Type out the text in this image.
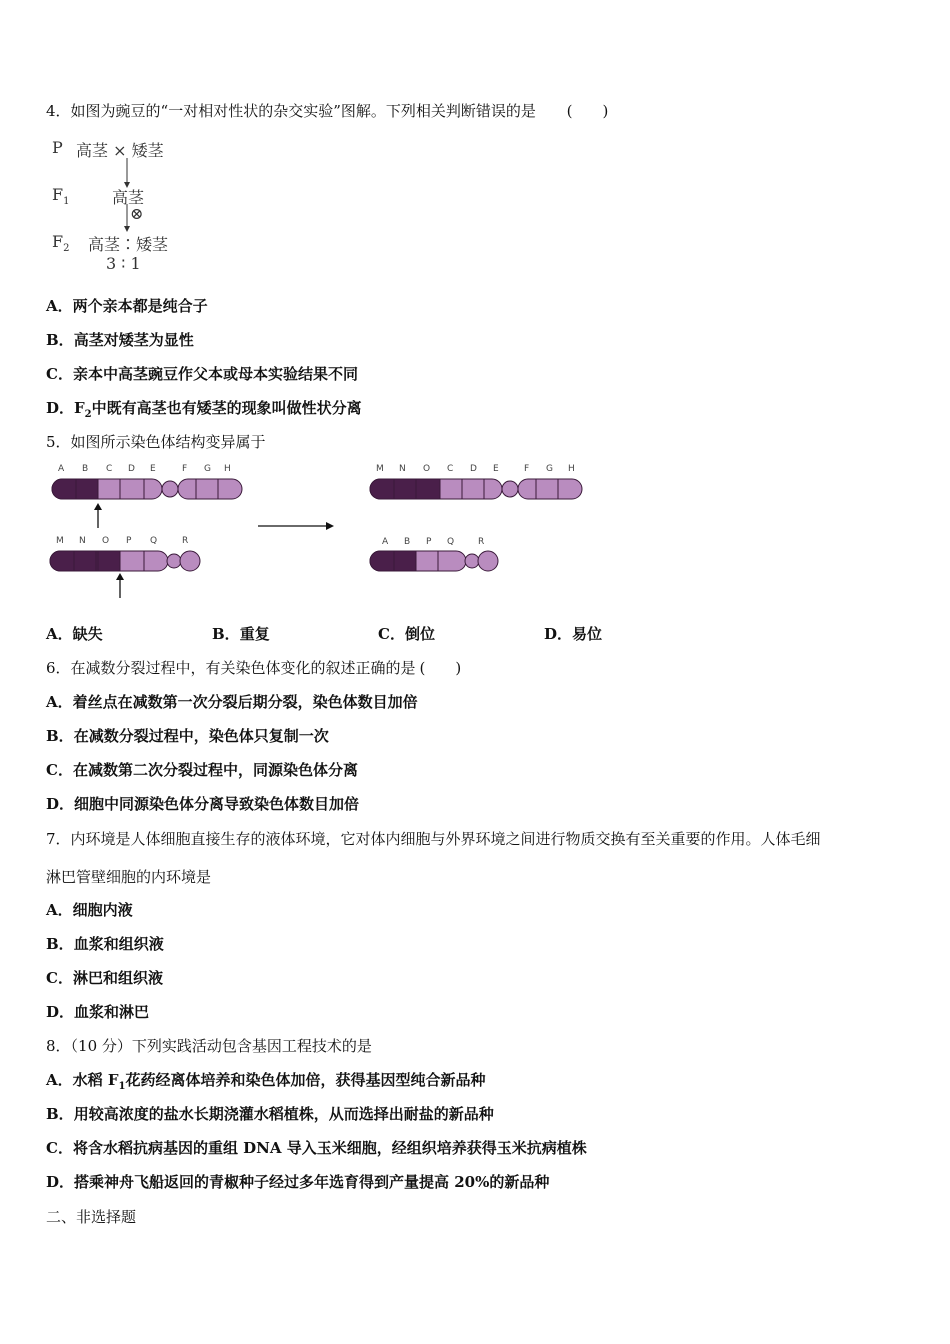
4．如图为豌豆的“一对相对性状的杂交实验”图解。下列相关判断错误的是 (　　)
P 高茎 × 矮茎
$F_1$	高茎
⊗
$F_2$ 高茎∶矮茎
3 ∶ 1
A．两个亲本都是纯合子
B．高茎对矮茎为显性
C．亲本中高茎豌豆作父本或母本实验结果不同
D．$F_2$中既有高茎也有矮茎的现象叫做性状分离
5．如图所示染色体结构变异属于
A B C D E	F G H
M N O P Q	R
M N O C D E	F G H
A B P Q	R
A．缺失	B．重复	C．倒位	D．易位
6．在减数分裂过程中，有关染色体变化的叙述正确的是 (　　)
A．着丝点在减数第一次分裂后期分裂，染色体数目加倍
B．在减数分裂过程中，染色体只复制一次
C．在减数第二次分裂过程中，同源染色体分离
D．细胞中同源染色体分离导致染色体数目加倍
7．内环境是人体细胞直接生存的液体环境，它对体内细胞与外界环境之间进行物质交换有至关重要的作用。人体毛细
淋巴管壁细胞的内环境是
A．细胞内液
B．血浆和组织液
C．淋巴和组织液
D．血浆和淋巴
8．（10 分）下列实践活动包含基因工程技术的是
A．水稻 $F_1$花药经离体培养和染色体加倍，获得基因型纯合新品种
B．用较高浓度的盐水长期浇灌水稻植株，从而选择出耐盐的新品种
C．将含水稻抗病基因的重组 DNA 导入玉米细胞，经组织培养获得玉米抗病植株
D．搭乘神舟飞船返回的青椒种子经过多年选育得到产量提高 20%的新品种
二、非选择题
